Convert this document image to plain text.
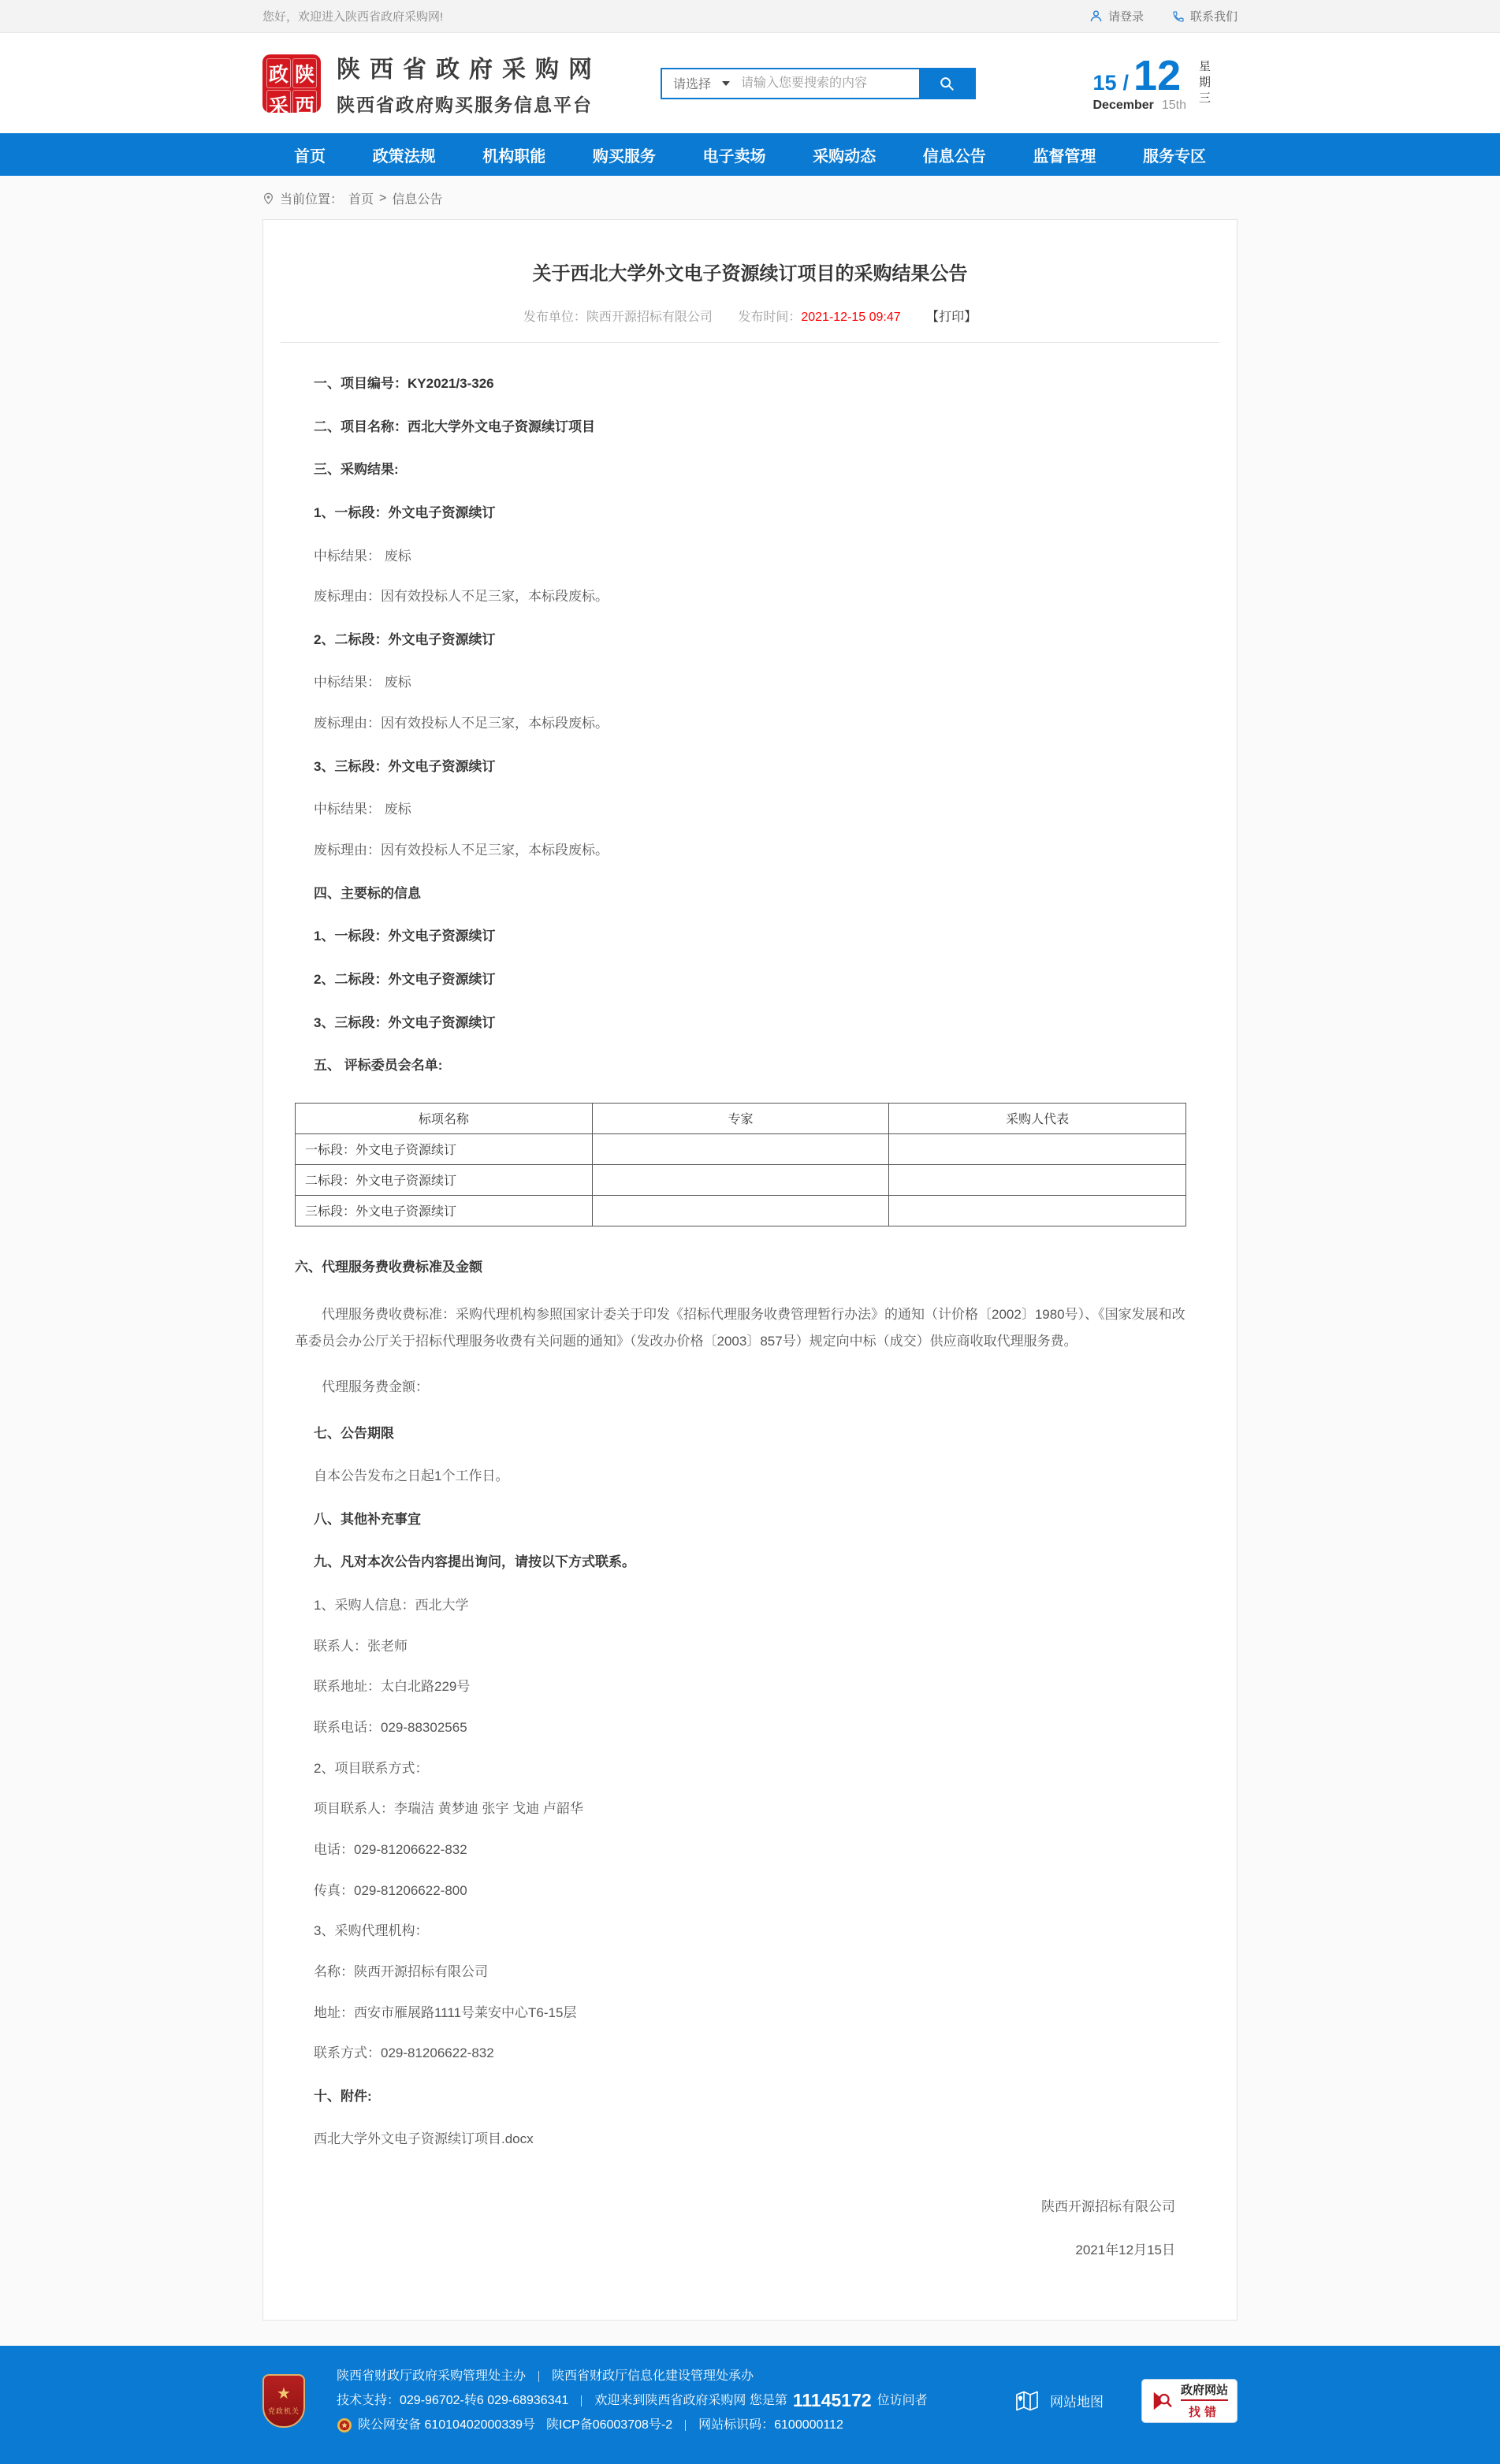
您好，欢迎进入陕西省政府采购网!	请登录	联系我们
政 陕
采 西
陕西省政府采购网
陕西省政府购买服务信息平台
请选择
请输入您要搜索的内容	15 / 12
December 15th 星期三
首页	政策法规	机构职能	购买服务	电子卖场	采购动态	信息公告	监督管理	服务专区
当前位置： 首页 > 信息公告
关于西北大学外文电子资源续订项目的采购结果公告
发布单位：陕西开源招标有限公司 发布时间：2021-12-15 09:47 【打印】
一、项目编号：KY2021/3-326
二、项目名称：西北大学外文电子资源续订项目
三、采购结果:
1、一标段：外文电子资源续订
中标结果： 废标
废标理由：因有效投标人不足三家，本标段废标。
2、二标段：外文电子资源续订
中标结果： 废标
废标理由：因有效投标人不足三家，本标段废标。
3、三标段：外文电子资源续订
中标结果： 废标
废标理由：因有效投标人不足三家，本标段废标。
四、主要标的信息
1、一标段：外文电子资源续订
2、二标段：外文电子资源续订
3、三标段：外文电子资源续订
五、 评标委员会名单:
标项名称	专家	采购人代表
一标段：外文电子资源续订		
二标段：外文电子资源续订		
三标段：外文电子资源续订		
六、代理服务费收费标准及金额
代理服务费收费标准：采购代理机构参照国家计委关于印发《招标代理服务收费管理暂行办法》的通知（计价格〔2002〕1980号）、《国家发展和改革委员会办公厅关于招标代理服务收费有关问题的通知》（发改办价格〔2003〕857号）规定向中标（成交）供应商收取代理服务费。
代理服务费金额：
七、公告期限
自本公告发布之日起1个工作日。
八、其他补充事宜
九、凡对本次公告内容提出询问，请按以下方式联系。
1、采购人信息：西北大学
联系人：张老师
联系地址：太白北路229号
联系电话：029-88302565
2、项目联系方式：
项目联系人：李瑞洁 黄梦迪 张宇 戈迪 卢韶华
电话：029-81206622-832
传真：029-81206622-800
3、采购代理机构：
名称：陕西开源招标有限公司
地址：西安市雁展路1111号莱安中心T6-15层
联系方式：029-81206622-832
十、附件:
西北大学外文电子资源续订项目.docx
陕西开源招标有限公司
2021年12月15日
★
党政机关
陕西省财政厅政府采购管理处主办 陕西省财政厅信息化建设管理处承办
技术支持：029-96702-转6 029-68936341 欢迎来到陕西省政府采购网 您是第 11145172 位访问者
陕公网安备 61010402000339号 陕ICP备06003708号-2 网站标识码：6100000112
网站地图
政府网站
找错
